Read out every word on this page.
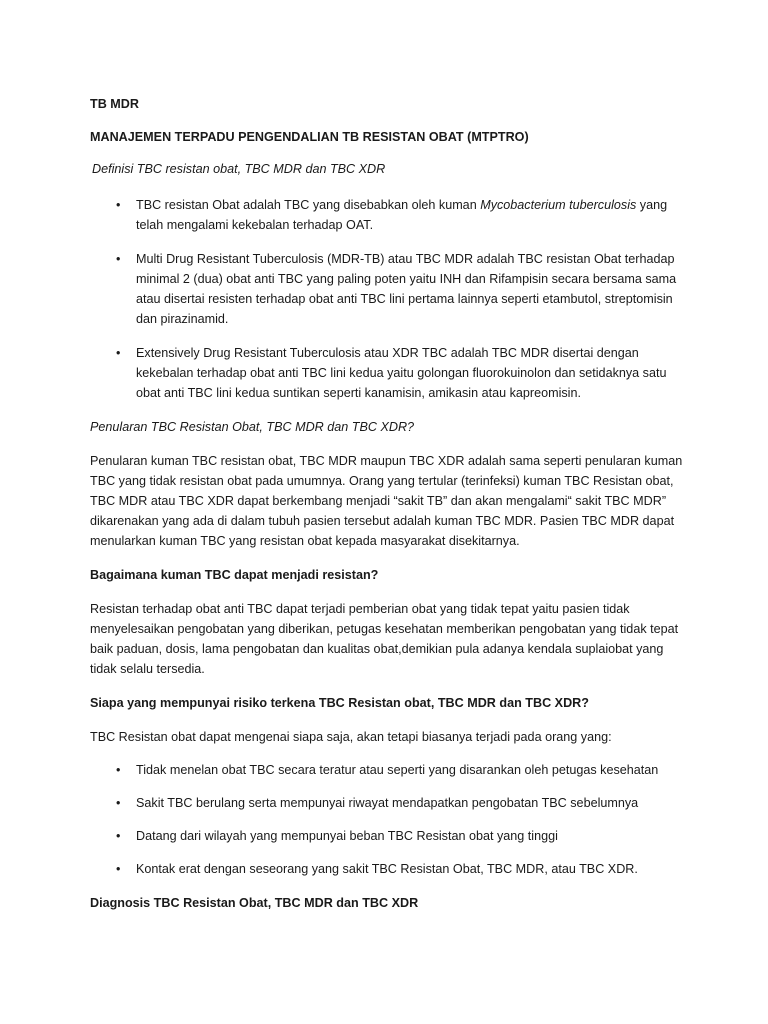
TB MDR

MANAJEMEN TERPADU PENGENDALIAN TB RESISTAN OBAT (MTPTRO)

Definisi TBC resistan obat, TBC MDR dan TBC XDR

• TBC resistan Obat adalah TBC yang disebabkan oleh kuman Mycobacterium tuberculosis yang telah mengalami kekebalan terhadap OAT.
• Multi Drug Resistant Tuberculosis (MDR-TB) atau TBC MDR adalah TBC resistan Obat terhadap minimal 2 (dua) obat anti TBC yang paling poten yaitu INH dan Rifampisin secara bersama sama atau disertai resisten terhadap obat anti TBC lini pertama lainnya seperti etambutol, streptomisin dan pirazinamid.
• Extensively Drug Resistant Tuberculosis atau XDR TBC adalah TBC MDR disertai dengan kekebalan terhadap obat anti TBC lini kedua yaitu golongan fluorokuinolon dan setidaknya satu obat anti TBC lini kedua suntikan seperti kanamisin, amikasin atau kapreomisin.

Penularan TBC Resistan Obat, TBC MDR dan TBC XDR?

Penularan kuman TBC resistan obat, TBC MDR maupun TBC XDR adalah sama seperti penularan kuman TBC yang tidak resistan obat pada umumnya. Orang yang tertular (terinfeksi) kuman TBC Resistan obat, TBC MDR atau TBC XDR dapat berkembang menjadi “sakit TB” dan akan mengalami“ sakit TBC MDR” dikarenakan yang ada di dalam tubuh pasien tersebut adalah kuman TBC MDR. Pasien TBC MDR dapat menularkan kuman TBC yang resistan obat kepada masyarakat disekitarnya.

Bagaimana kuman TBC dapat menjadi resistan?

Resistan terhadap obat anti TBC dapat terjadi pemberian obat yang tidak tepat yaitu pasien tidak menyelesaikan pengobatan yang diberikan, petugas kesehatan memberikan pengobatan yang tidak tepat baik paduan, dosis, lama pengobatan dan kualitas obat,demikian pula adanya kendala suplaiobat yang tidak selalu tersedia.

Siapa yang mempunyai risiko terkena TBC Resistan obat, TBC MDR dan TBC XDR?

TBC Resistan obat dapat mengenai siapa saja, akan tetapi biasanya terjadi pada orang yang:

• Tidak menelan obat TBC secara teratur atau seperti yang disarankan oleh petugas kesehatan
• Sakit TBC berulang serta mempunyai riwayat mendapatkan pengobatan TBC sebelumnya
• Datang dari wilayah yang mempunyai beban TBC Resistan obat yang tinggi
• Kontak erat dengan seseorang yang sakit TBC Resistan Obat, TBC MDR, atau TBC XDR.

Diagnosis TBC Resistan Obat, TBC MDR dan TBC XDR
